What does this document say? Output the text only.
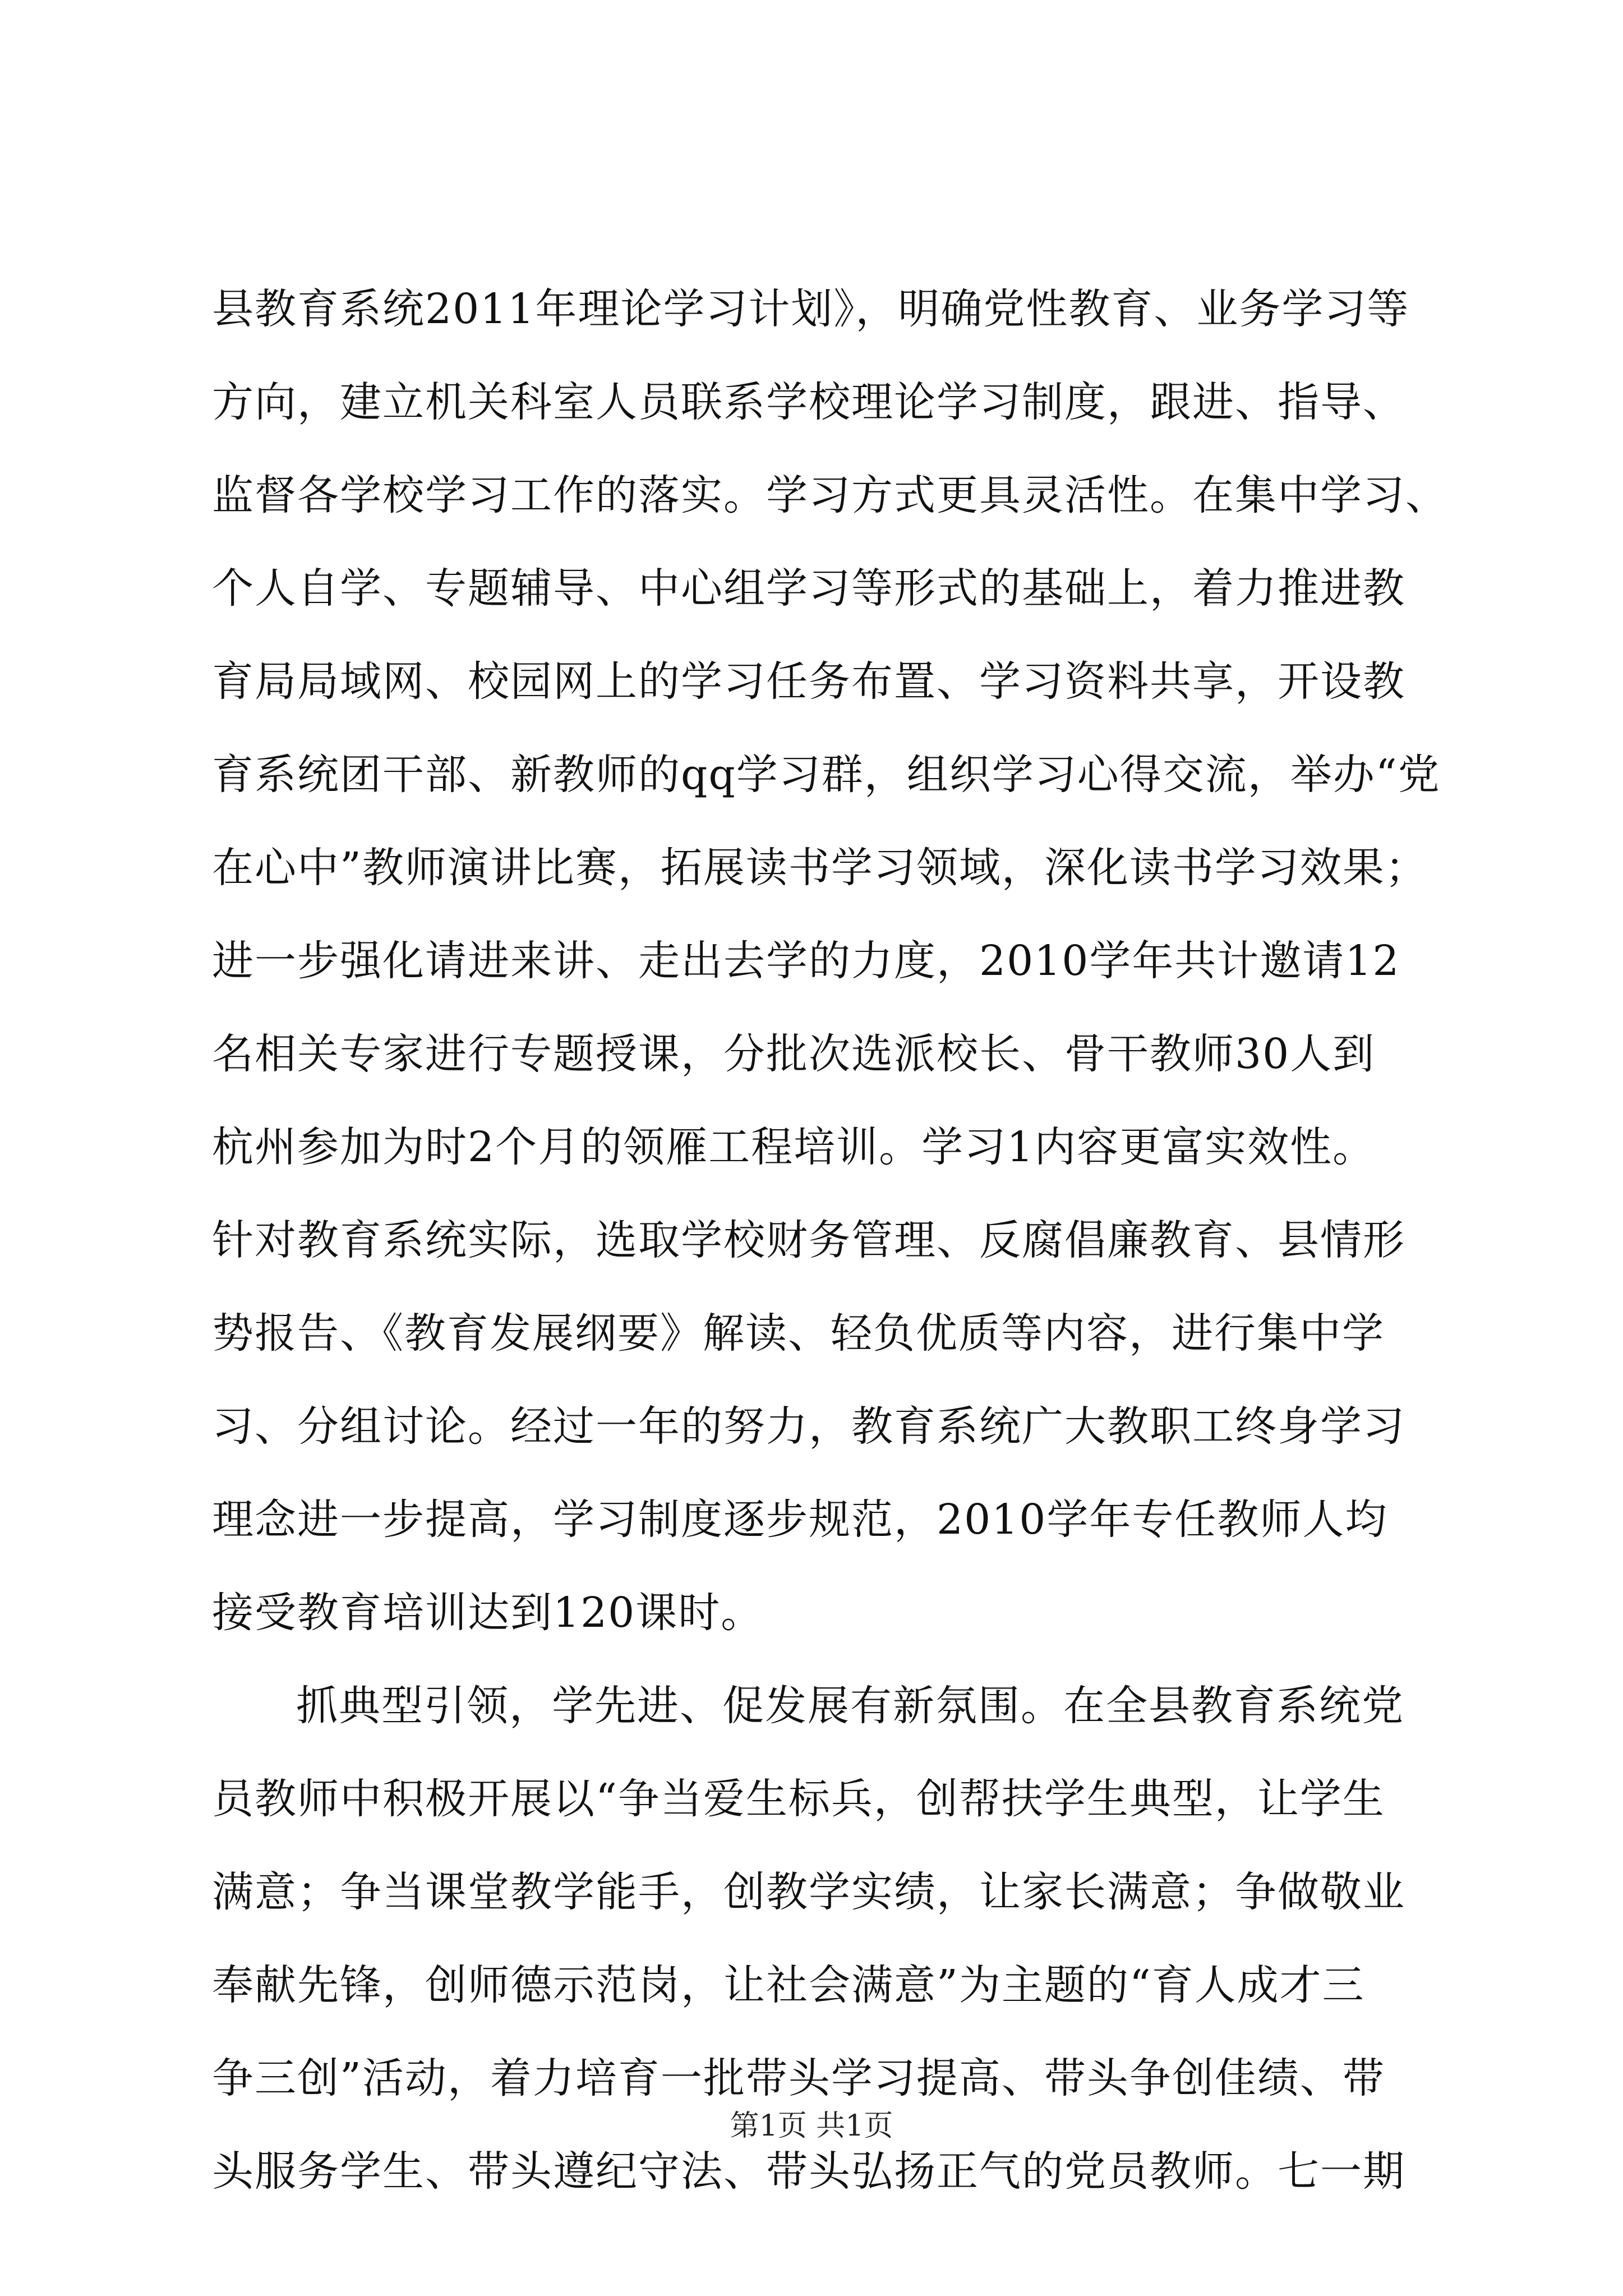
县教育系统2011年理论学习计划》，明确党性教育、业务学习等
方向，建立机关科室人员联系学校理论学习制度，跟进、指导、
监督各学校学习工作的落实。学习方式更具灵活性。在集中学习、
个人自学、专题辅导、中心组学习等形式的基础上，着力推进教
育局局域网、校园网上的学习任务布置、学习资料共享，开设教
育系统团干部、新教师的qq学习群，组织学习心得交流，举办“党
在心中”教师演讲比赛，拓展读书学习领域，深化读书学习效果；
进一步强化请进来讲、走出去学的力度，2010学年共计邀请12
名相关专家进行专题授课，分批次选派校长、骨干教师30人到
杭州参加为时2个月的领雁工程培训。学习1内容更富实效性。
针对教育系统实际，选取学校财务管理、反腐倡廉教育、县情形
势报告、《教育发展纲要》解读、轻负优质等内容，进行集中学
习、分组讨论。经过一年的努力，教育系统广大教职工终身学习
理念进一步提高，学习制度逐步规范，2010学年专任教师人均
接受教育培训达到120课时。
抓典型引领，学先进、促发展有新氛围。在全县教育系统党
员教师中积极开展以“争当爱生标兵，创帮扶学生典型，让学生
满意；争当课堂教学能手，创教学实绩，让家长满意；争做敬业
奉献先锋，创师德示范岗，让社会满意”为主题的“育人成才三
争三创”活动，着力培育一批带头学习提高、带头争创佳绩、带
头服务学生、带头遵纪守法、带头弘扬正气的党员教师。七一期
第1页 共1页
